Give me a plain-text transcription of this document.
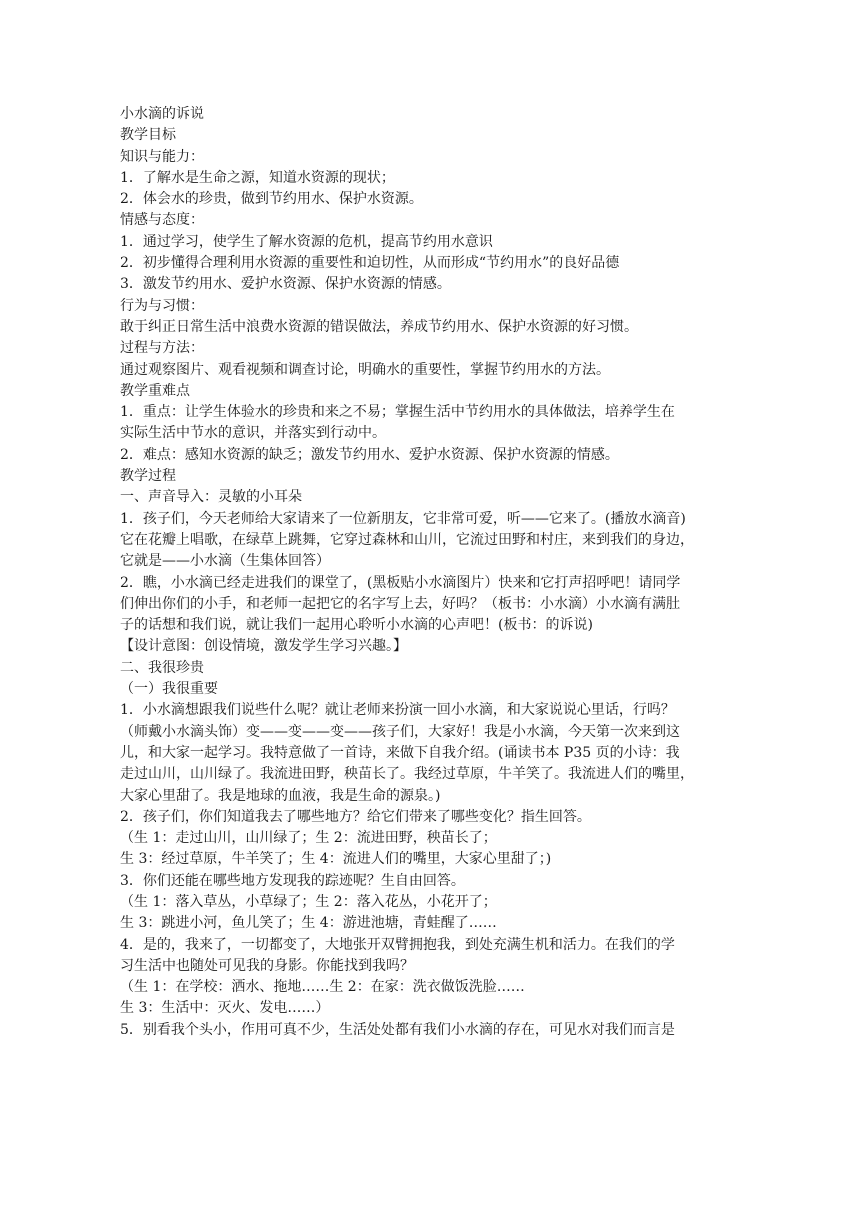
小水滴的诉说
教学目标
知识与能力：
1．了解水是生命之源，知道水资源的现状；
2．体会水的珍贵，做到节约用水、保护水资源。
情感与态度：
1．通过学习，使学生了解水资源的危机，提高节约用水意识
2．初步懂得合理利用水资源的重要性和迫切性，从而形成“节约用水”的良好品德
3．激发节约用水、爱护水资源、保护水资源的情感。
行为与习惯：
敢于纠正日常生活中浪费水资源的错误做法，养成节约用水、保护水资源的好习惯。
过程与方法：
通过观察图片、观看视频和调查讨论，明确水的重要性，掌握节约用水的方法。
教学重难点
1．重点：让学生体验水的珍贵和来之不易；掌握生活中节约用水的具体做法，培养学生在
实际生活中节水的意识，并落实到行动中。
2．难点：感知水资源的缺乏；激发节约用水、爱护水资源、保护水资源的情感。
教学过程
一、声音导入：灵敏的小耳朵
1．孩子们，今天老师给大家请来了一位新朋友，它非常可爱，听——它来了。(播放水滴音)
它在花瓣上唱歌，在绿草上跳舞，它穿过森林和山川，它流过田野和村庄，来到我们的身边，
它就是——小水滴（生集体回答）
2．瞧，小水滴已经走进我们的课堂了，(黑板贴小水滴图片）快来和它打声招呼吧！请同学
们伸出你们的小手，和老师一起把它的名字写上去，好吗？（板书：小水滴）小水滴有满肚
子的话想和我们说，就让我们一起用心聆听小水滴的心声吧！(板书：的诉说)
【设计意图：创设情境，激发学生学习兴趣。】
二、我很珍贵
（一）我很重要
1．小水滴想跟我们说些什么呢？就让老师来扮演一回小水滴，和大家说说心里话，行吗？
（师戴小水滴头饰）变——变——变——孩子们，大家好！我是小水滴，今天第一次来到这
儿，和大家一起学习。我特意做了一首诗，来做下自我介绍。(诵读书本 P35 页的小诗：我
走过山川，山川绿了。我流进田野，秧苗长了。我经过草原，牛羊笑了。我流进人们的嘴里，
大家心里甜了。我是地球的血液，我是生命的源泉。)
2．孩子们，你们知道我去了哪些地方？给它们带来了哪些变化？指生回答。
（生 1：走过山川，山川绿了；生 2：流进田野，秧苗长了；
生 3：经过草原，牛羊笑了；生 4：流进人们的嘴里，大家心里甜了；)
3．你们还能在哪些地方发现我的踪迹呢？生自由回答。
（生 1：落入草丛，小草绿了；生 2：落入花丛，小花开了；
生 3：跳进小河，鱼儿笑了；生 4：游进池塘，青蛙醒了……
4．是的，我来了，一切都变了，大地张开双臂拥抱我，到处充满生机和活力。在我们的学
习生活中也随处可见我的身影。你能找到我吗？
（生 1：在学校：洒水、拖地……生 2：在家：洗衣做饭洗脸……
生 3：生活中：灭火、发电……）
5．别看我个头小，作用可真不少，生活处处都有我们小水滴的存在，可见水对我们而言是
